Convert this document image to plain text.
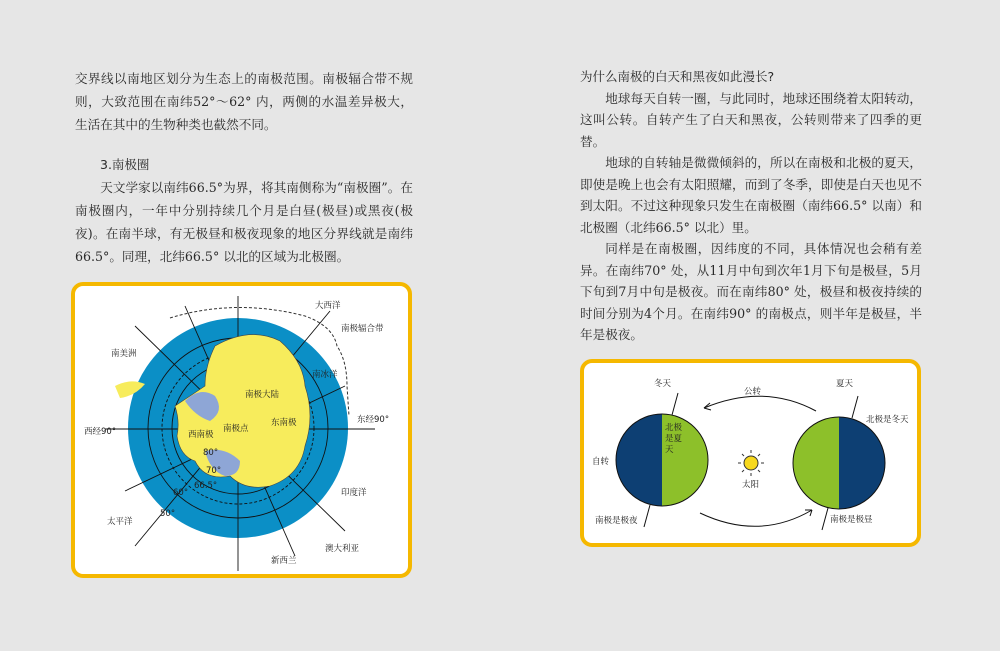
交界线以南地区划分为生态上的南极范围。南极辐合带不规则，大致范围在南纬52°～62° 内，两侧的水温差异极大，生活在其中的生物种类也截然不同。

3.南极圈

天文学家以南纬66.5°为界，将其南侧称为“南极圈”。在南极圈内，一年中分别持续几个月是白昼(极昼)或黑夜(极夜)。在南半球，有无极昼和极夜现象的地区分界线就是南纬66.5°。同理，北纬66.5° 以北的区域为北极圈。

大西洋
南极辐合带
南美洲
南冰洋
南极大陆
东经90°
西经90°	西南极
南极点
东南极
80°
70°
66.5°
60°
50°
印度洋
太平洋
澳大利亚
新西兰

为什么南极的白天和黑夜如此漫长?

地球每天自转一圈，与此同时，地球还围绕着太阳转动，这叫公转。自转产生了白天和黑夜，公转则带来了四季的更替。

地球的自转轴是微微倾斜的，所以在南极和北极的夏天，即使是晚上也会有太阳照耀，而到了冬季，即使是白天也见不到太阳。不过这种现象只发生在南极圈（南纬66.5° 以南）和北极圈（北纬66.5° 以北）里。

同样是在南极圈，因纬度的不同，具体情况也会稍有差异。在南纬70° 处，从11月中旬到次年1月下旬是极昼，5月下旬到7月中旬是极夜。而在南纬80° 处，极昼和极夜持续的时间分别为4个月。在南纬90° 的南极点，则半年是极昼，半年是极夜。

冬天	夏天
公转
北极是夏天
北极是冬天
自转
太阳
南极是极夜	南极是极昼
